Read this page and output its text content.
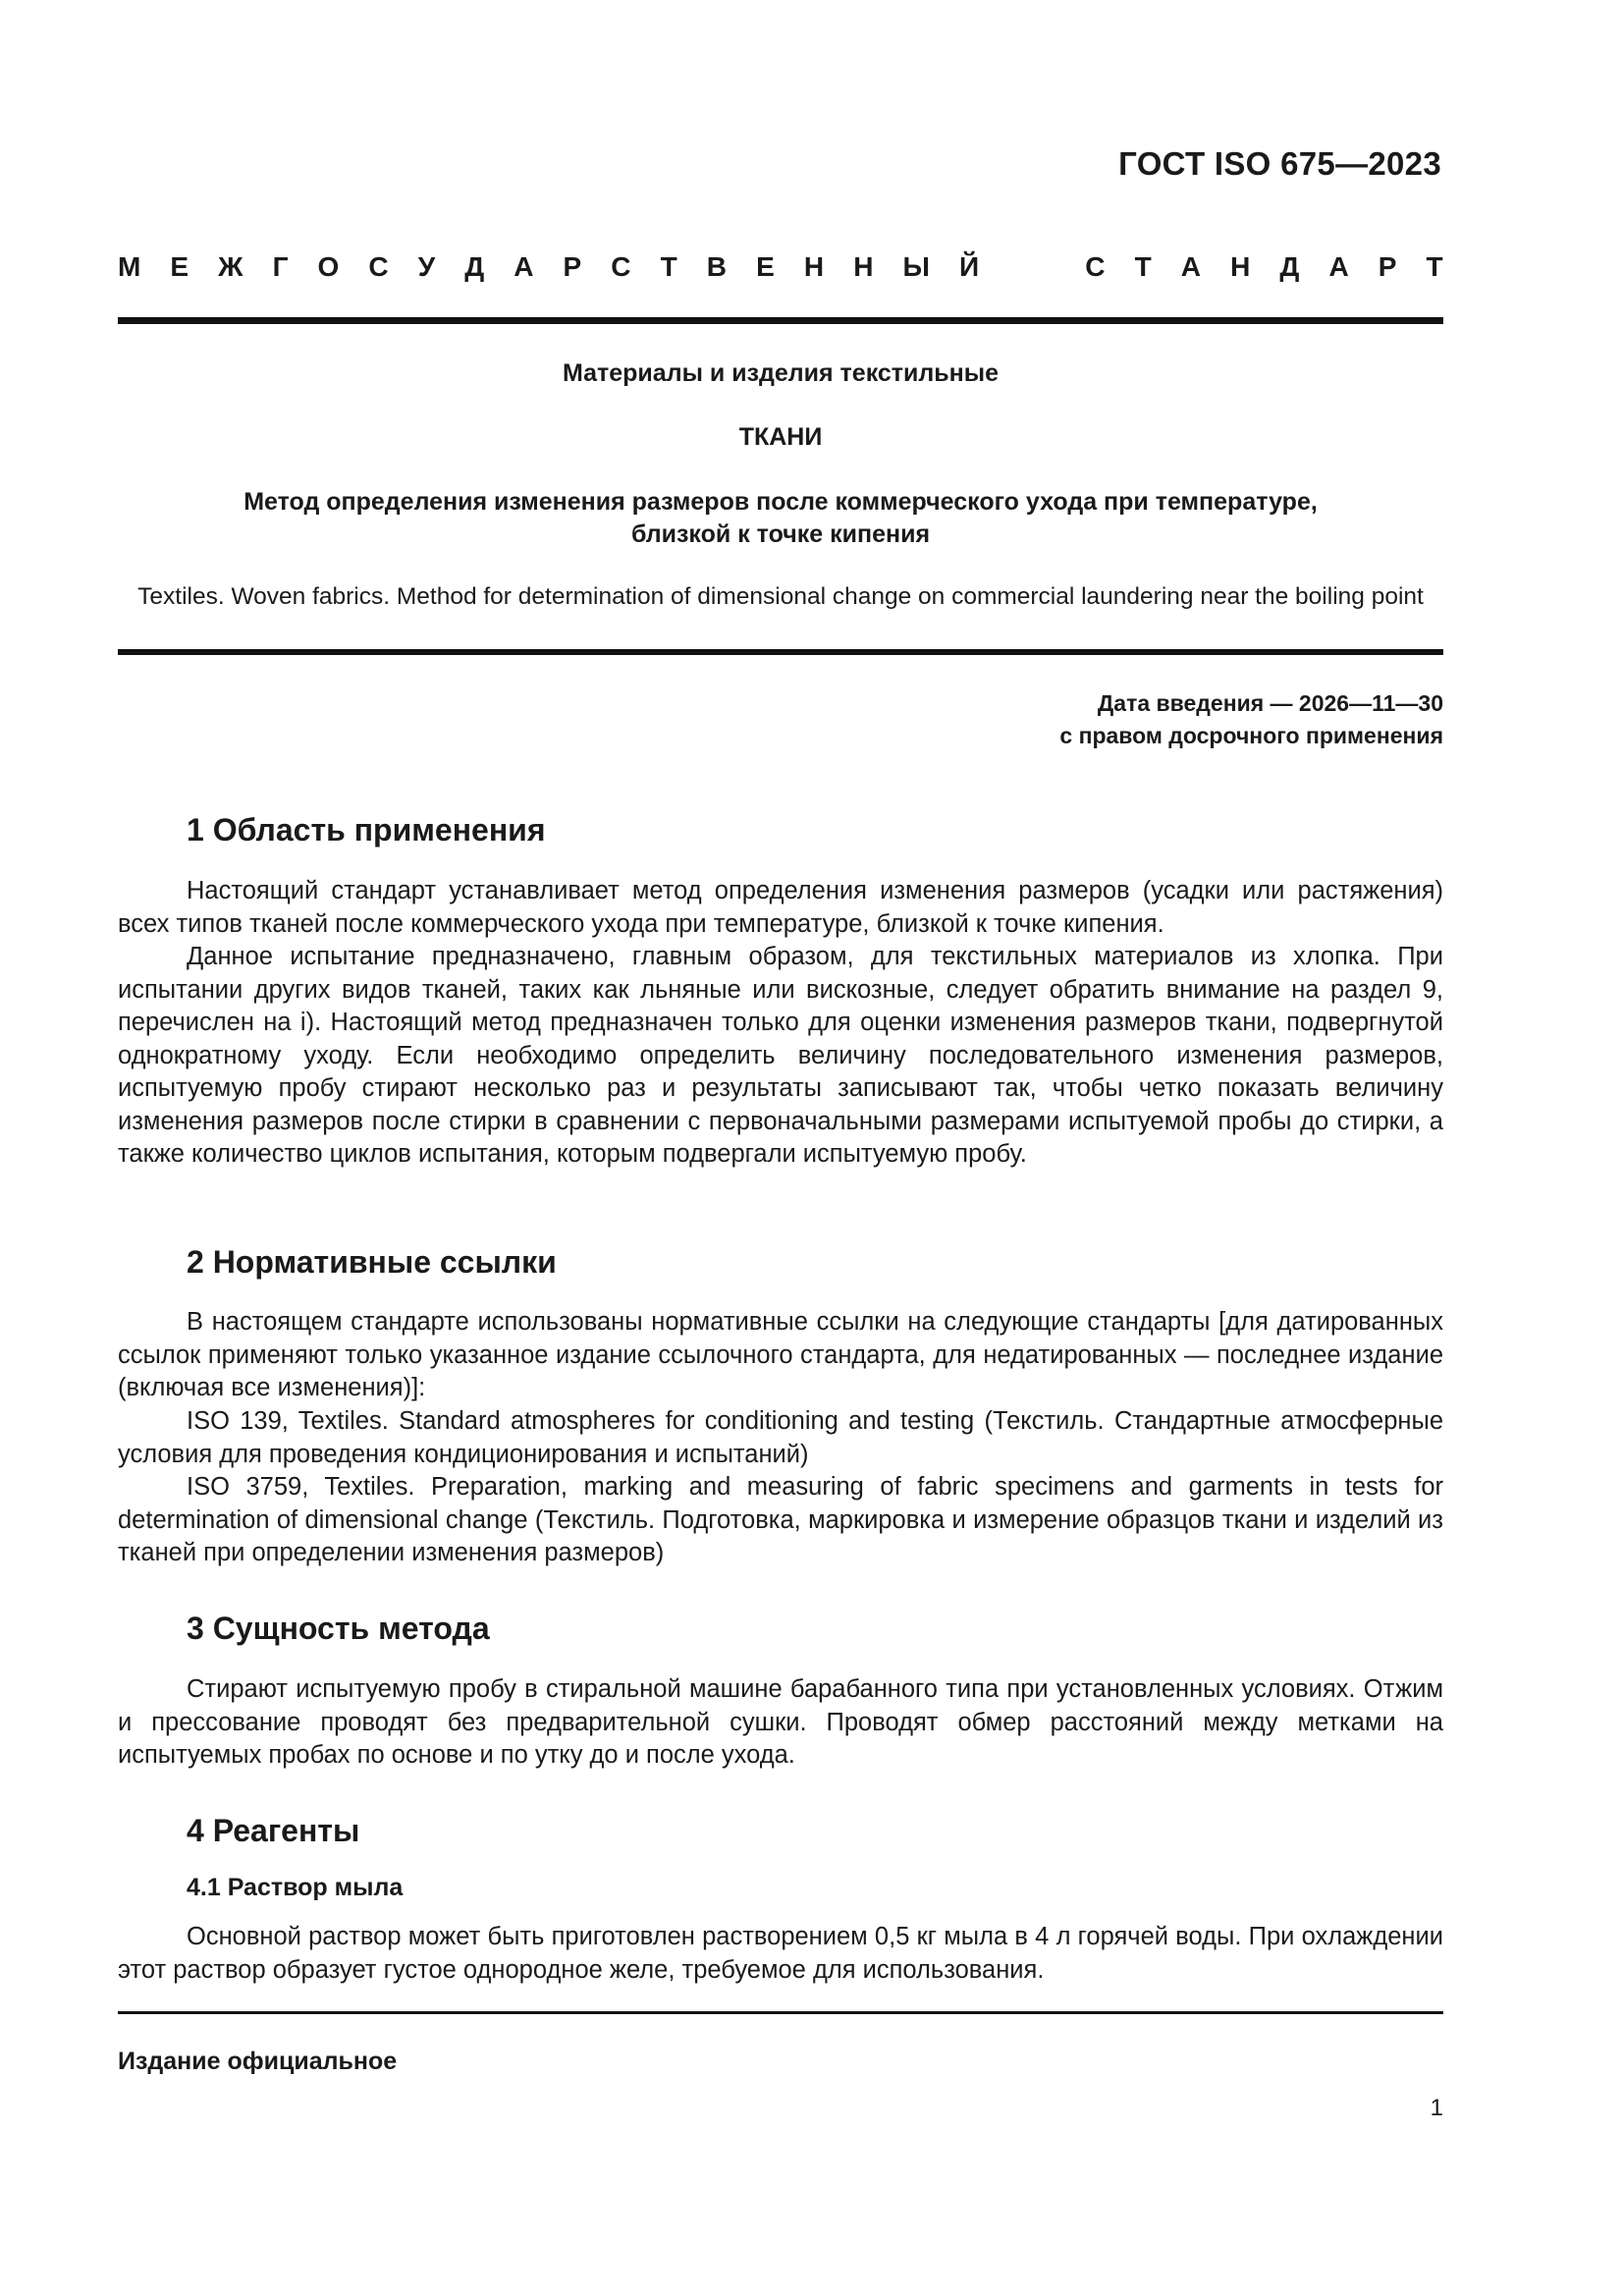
ГОСТ ISO 675—2023
М Е Ж Г О С У Д А Р С Т В Е Н Н Ы Й	С Т А Н Д А Р Т
Материалы и изделия текстильные
ТКАНИ
Метод определения изменения размеров после коммерческого ухода при температуре,
близкой к точке кипения
Textiles. Woven fabrics. Method for determination of dimensional change on commercial laundering near the boiling point
Дата введения — 2026—11—30
с правом досрочного применения
1 Область применения

Настоящий стандарт устанавливает метод определения изменения размеров (усадки или растяжения) всех типов тканей после коммерческого ухода при температуре, близкой к точке кипения.

Данное испытание предназначено, главным образом, для текстильных материалов из хлопка. При испытании других видов тканей, таких как льняные или вискозные, следует обратить внимание на раздел 9, перечислен на i). Настоящий метод предназначен только для оценки изменения размеров ткани, подвергнутой однократному уходу. Если необходимо определить величину последовательного изменения размеров, испытуемую пробу стирают несколько раз и результаты записывают так, чтобы четко показать величину изменения размеров после стирки в сравнении с первоначальными размерами испытуемой пробы до стирки, а также количество циклов испытания, которым подвергали испытуемую пробу.

2 Нормативные ссылки

В настоящем стандарте использованы нормативные ссылки на следующие стандарты [для датированных ссылок применяют только указанное издание ссылочного стандарта, для недатированных — последнее издание (включая все изменения)]:

ISO 139, Textiles. Standard atmospheres for conditioning and testing (Текстиль. Стандартные атмосферные условия для проведения кондиционирования и испытаний)

ISO 3759, Textiles. Preparation, marking and measuring of fabric specimens and garments in tests for determination of dimensional change (Текстиль. Подготовка, маркировка и измерение образцов ткани и изделий из тканей при определении изменения размеров)

3 Сущность метода

Стирают испытуемую пробу в стиральной машине барабанного типа при установленных условиях. Отжим и прессование проводят без предварительной сушки. Проводят обмер расстояний между метками на испытуемых пробах по основе и по утку до и после ухода.

4 Реагенты
4.1 Раствор мыла

Основной раствор может быть приготовлен растворением 0,5 кг мыла в 4 л горячей воды. При охлаждении этот раствор образует густое однородное желе, требуемое для использования.

Издание официальное
1
